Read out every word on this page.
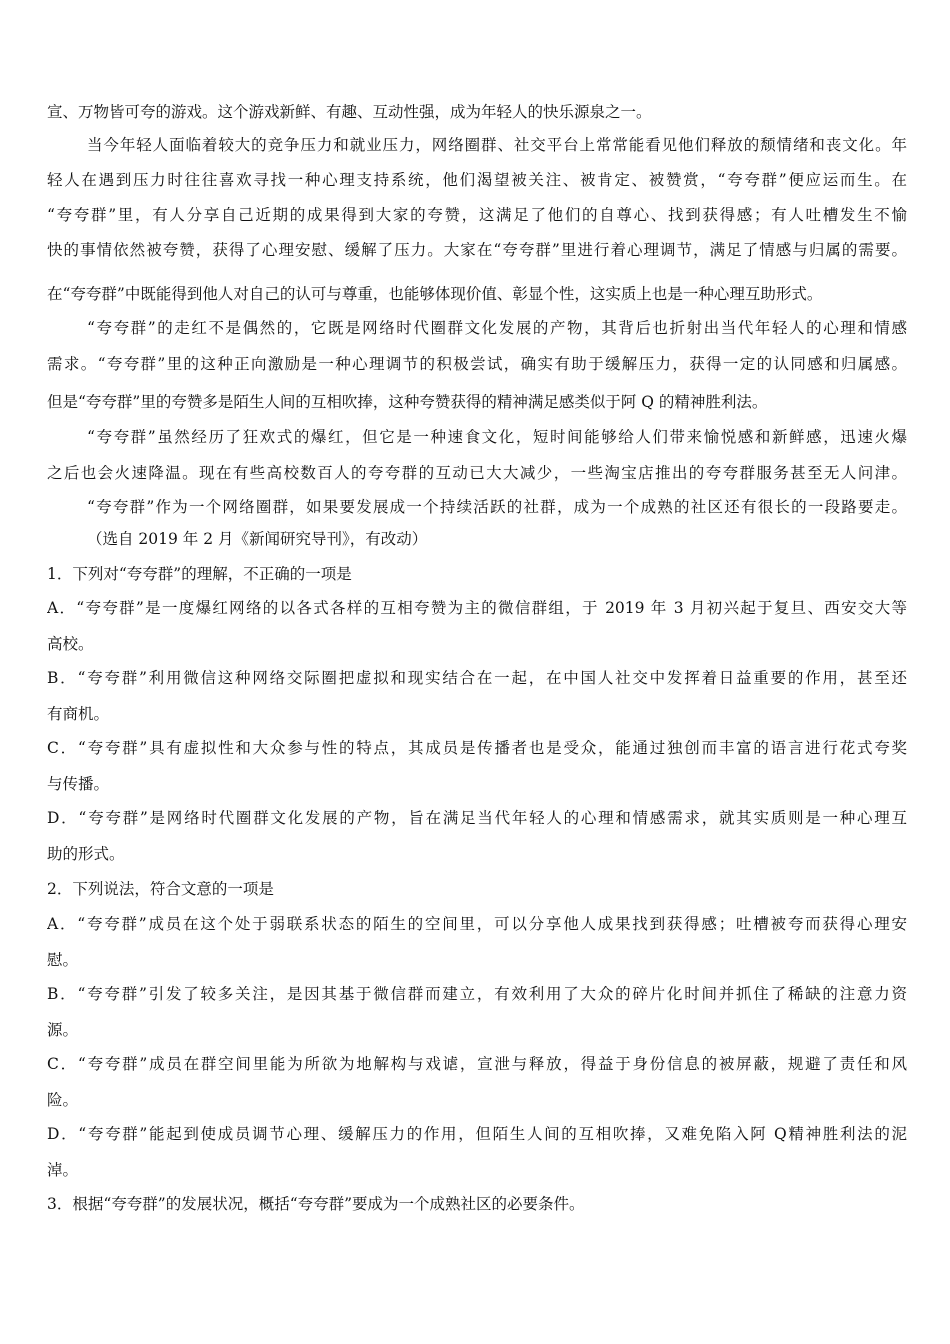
宣、万物皆可夸的游戏。这个游戏新鲜、有趣、互动性强，成为年轻人的快乐源泉之一。
当今年轻人面临着较大的竞争压力和就业压力，网络圈群、社交平台上常常能看见他们释放的颓情绪和丧文化。年
轻人在遇到压力时往往喜欢寻找一种心理支持系统，他们渴望被关注、被肯定、被赞赏，“夸夸群”便应运而生。在
“夸夸群”里，有人分享自己近期的成果得到大家的夸赞，这满足了他们的自尊心、找到获得感；有人吐槽发生不愉
快的事情依然被夸赞，获得了心理安慰、缓解了压力。大家在“夸夸群”里进行着心理调节，满足了情感与归属的需要。
在“夸夸群”中既能得到他人对自己的认可与尊重，也能够体现价值、彰显个性，这实质上也是一种心理互助形式。
“夸夸群”的走红不是偶然的，它既是网络时代圈群文化发展的产物，其背后也折射出当代年轻人的心理和情感
需求。“夸夸群”里的这种正向激励是一种心理调节的积极尝试，确实有助于缓解压力，获得一定的认同感和归属感。
但是“夸夸群”里的夸赞多是陌生人间的互相吹捧，这种夸赞获得的精神满足感类似于阿 Q 的精神胜利法。
“夸夸群”虽然经历了狂欢式的爆红，但它是一种速食文化，短时间能够给人们带来愉悦感和新鲜感，迅速火爆
之后也会火速降温。现在有些高校数百人的夸夸群的互动已大大减少，一些淘宝店推出的夸夸群服务甚至无人问津。
“夸夸群”作为一个网络圈群，如果要发展成一个持续活跃的社群，成为一个成熟的社区还有很长的一段路要走。
（选自 2019 年 2 月《新闻研究导刊》，有改动）
1．下列对“夸夸群”的理解，不正确的一项是
A．“夸夸群”是一度爆红网络的以各式各样的互相夸赞为主的微信群组，于 2019 年 3 月初兴起于复旦、西安交大等
高校。
B．“夸夸群”利用微信这种网络交际圈把虚拟和现实结合在一起，在中国人社交中发挥着日益重要的作用，甚至还
有商机。
C．“夸夸群”具有虚拟性和大众参与性的特点，其成员是传播者也是受众，能通过独创而丰富的语言进行花式夸奖
与传播。
D．“夸夸群”是网络时代圈群文化发展的产物，旨在满足当代年轻人的心理和情感需求，就其实质则是一种心理互
助的形式。
2．下列说法，符合文意的一项是
A．“夸夸群”成员在这个处于弱联系状态的陌生的空间里，可以分享他人成果找到获得感；吐槽被夸而获得心理安
慰。
B．“夸夸群”引发了较多关注，是因其基于微信群而建立，有效利用了大众的碎片化时间并抓住了稀缺的注意力资
源。
C．“夸夸群”成员在群空间里能为所欲为地解构与戏谑，宣泄与释放，得益于身份信息的被屏蔽，规避了责任和风
险。
D．“夸夸群”能起到使成员调节心理、缓解压力的作用，但陌生人间的互相吹捧，又难免陷入阿 Q精神胜利法的泥
淖。
3．根据“夸夸群”的发展状况，概括“夸夸群”要成为一个成熟社区的必要条件。
